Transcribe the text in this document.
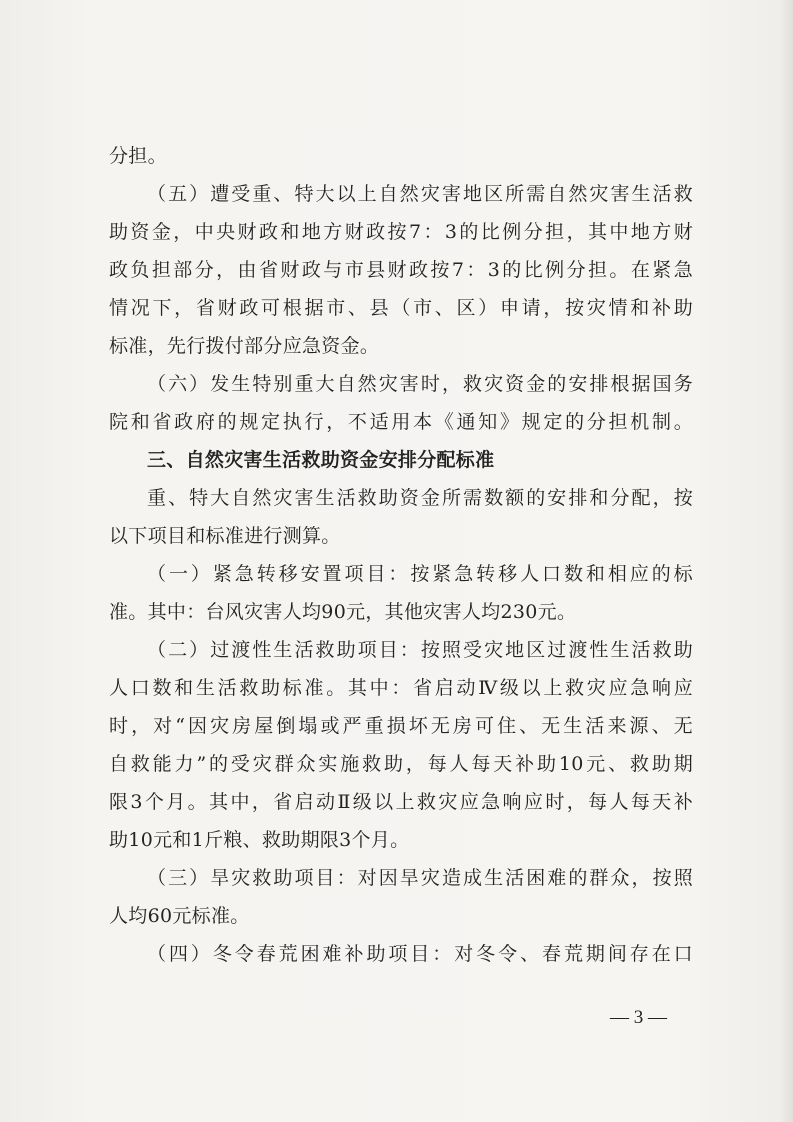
分担。
（五）遭受重、特大以上自然灾害地区所需自然灾害生活救
助资金，中央财政和地方财政按7：3的比例分担，其中地方财
政负担部分，由省财政与市县财政按7：3的比例分担。在紧急
情况下，省财政可根据市、县（市、区）申请，按灾情和补助
标准，先行拨付部分应急资金。
（六）发生特别重大自然灾害时，救灾资金的安排根据国务
院和省政府的规定执行，不适用本《通知》规定的分担机制。
三、自然灾害生活救助资金安排分配标准
重、特大自然灾害生活救助资金所需数额的安排和分配，按
以下项目和标准进行测算。
（一）紧急转移安置项目：按紧急转移人口数和相应的标
准。其中：台风灾害人均90元，其他灾害人均230元。
（二）过渡性生活救助项目：按照受灾地区过渡性生活救助
人口数和生活救助标准。其中：省启动Ⅳ级以上救灾应急响应
时，对“因灾房屋倒塌或严重损坏无房可住、无生活来源、无
自救能力”的受灾群众实施救助，每人每天补助10元、救助期
限3个月。其中，省启动Ⅱ级以上救灾应急响应时，每人每天补
助10元和1斤粮、救助期限3个月。
（三）旱灾救助项目：对因旱灾造成生活困难的群众，按照
人均60元标准。
（四）冬令春荒困难补助项目：对冬令、春荒期间存在口
— 3 —
